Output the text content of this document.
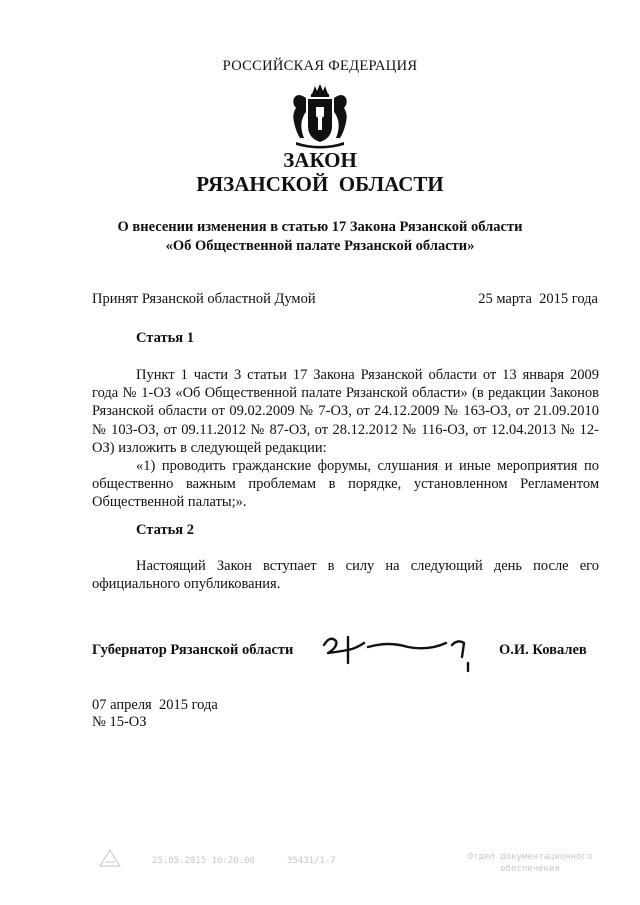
РОССИЙСКАЯ ФЕДЕРАЦИЯ
ЗАКОН
РЯЗАНСКОЙ  ОБЛАСТИ
О внесении изменения в статью 17 Закона Рязанской области
«Об Общественной палате Рязанской области»
Принят Рязанской областной Думой	25 марта  2015 года
Статья 1

Пункт 1 части 3 статьи 17 Закона Рязанской области от 13 января 2009 года № 1-ОЗ «Об Общественной палате Рязанской области» (в редакции Законов Рязанской области от 09.02.2009 № 7-ОЗ, от 24.12.2009 № 163-ОЗ, от 21.09.2010 № 103-ОЗ, от 09.11.2012 № 87-ОЗ, от 28.12.2012 № 116-ОЗ, от 12.04.2013 № 12-ОЗ) изложить в следующей редакции:

«1) проводить гражданские форумы, слушания и иные мероприятия по общественно важным проблемам в порядке, установленном Регламентом Общественной палаты;».

Статья 2

Настоящий Закон вступает в силу на следующий день после его официального опубликования.

Губернатор Рязанской области	О.И. Ковалев
07 апреля  2015 года
№ 15-ОЗ
25.05.2015 16:20:00	35431/1-7	Отдел документационного
обеспечения
